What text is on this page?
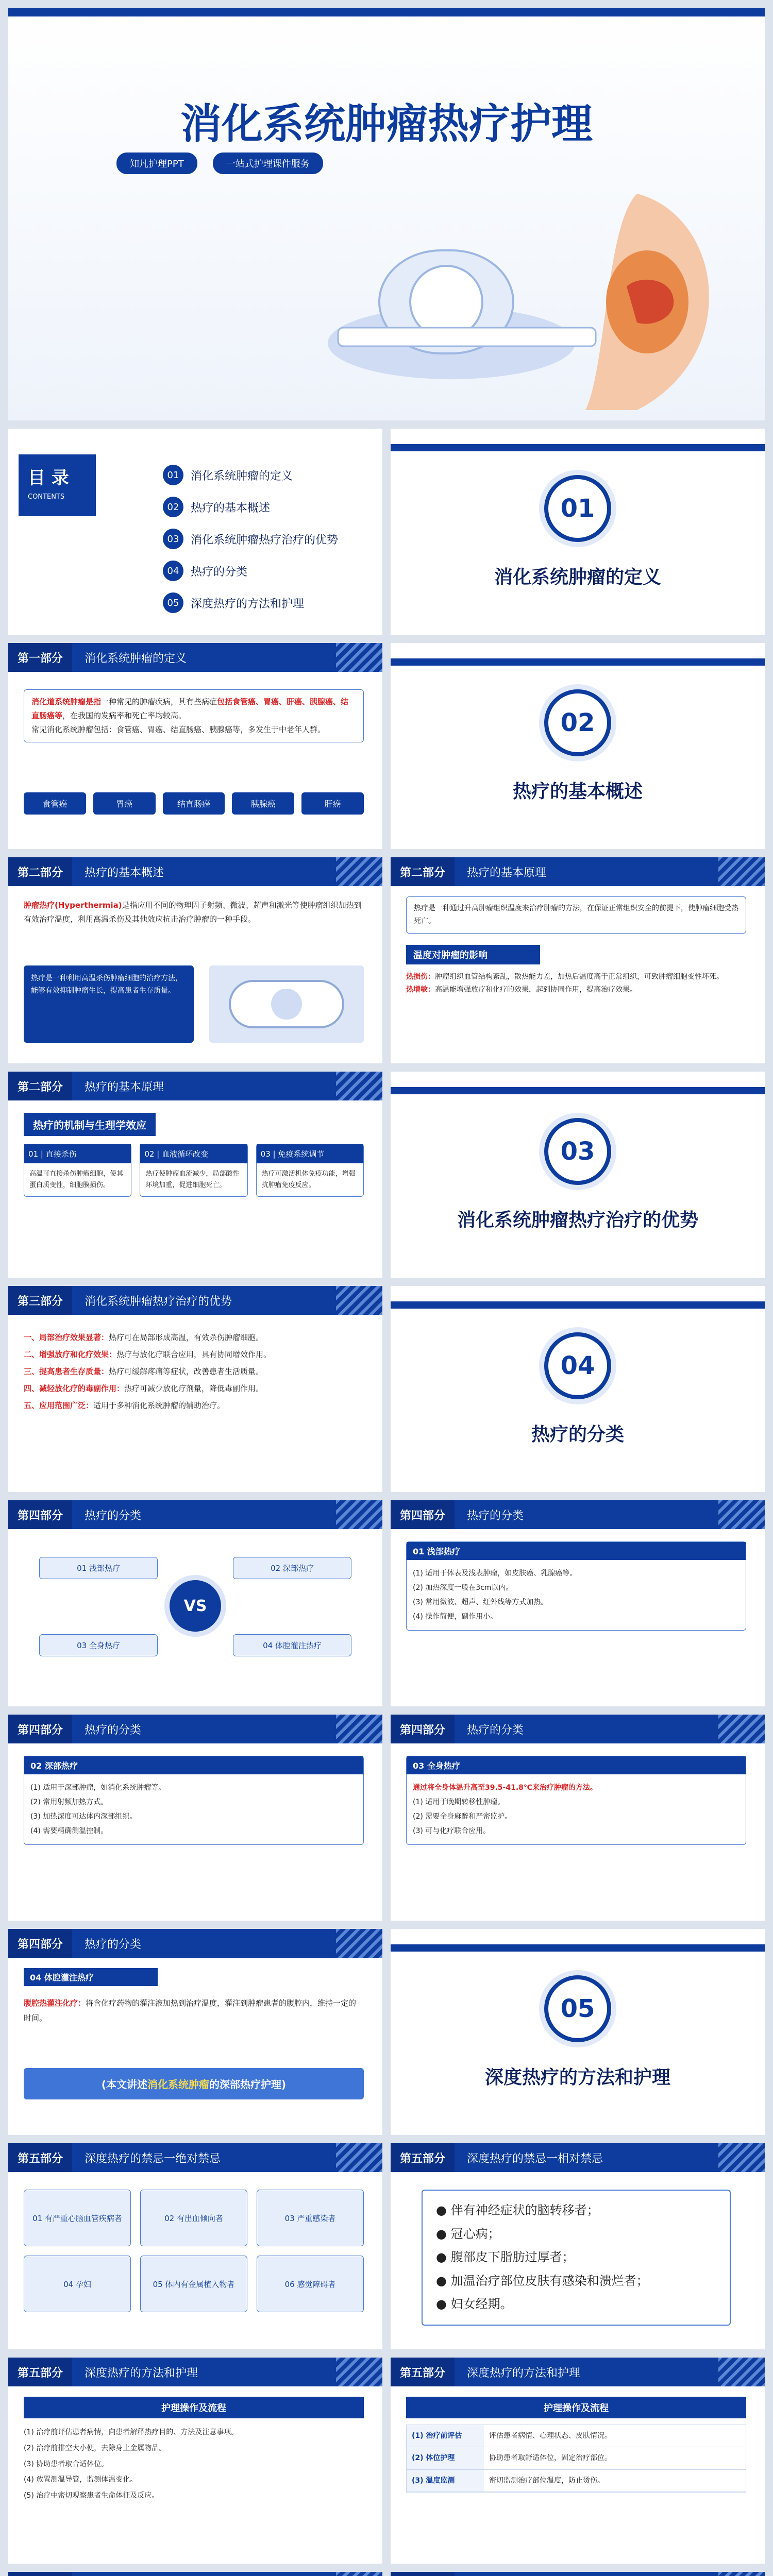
消化系统肿瘤热疗护理
知凡护理PPT	一站式护理课件服务
目 录
CONTENTS
01	消化系统肿瘤的定义
02	热疗的基本概述
03	消化系统肿瘤热疗治疗的优势
04	热疗的分类
05	深度热疗的方法和护理
01
消化系统肿瘤的定义
第一部分	消化系统肿瘤的定义
消化道系统肿瘤是指一种常见的肿瘤疾病，其有些病症包括食管癌、胃癌、肝癌、胰腺癌、结直肠癌等，在我国的发病率和死亡率均较高。
常见消化系统肿瘤包括：食管癌、胃癌、结直肠癌、胰腺癌等，多发生于中老年人群。
食管癌	胃癌	结直肠癌	胰腺癌	肝癌
02
热疗的基本概述
第二部分	热疗的基本概述
肿瘤热疗(Hyperthermia)是指应用不同的物理因子射频、微波、超声和激光等使肿瘤组织加热到有效治疗温度，利用高温杀伤及其他效应抗击治疗肿瘤的一种手段。
热疗是一种利用高温杀伤肿瘤细胞的治疗方法，能够有效抑制肿瘤生长，提高患者生存质量。
第二部分	热疗的基本原理
热疗是一种通过升高肿瘤组织温度来治疗肿瘤的方法，在保证正常组织安全的前提下，使肿瘤细胞受热死亡。
温度对肿瘤的影响
热损伤：肿瘤组织血管结构紊乱，散热能力差，加热后温度高于正常组织，可致肿瘤细胞变性坏死。
热增敏：高温能增强放疗和化疗的效果，起到协同作用，提高治疗效果。
第二部分	热疗的基本原理
热疗的机制与生理学效应
01 | 直接杀伤
高温可直接杀伤肿瘤细胞，使其蛋白质变性，细胞膜损伤。
02 | 血液循环改变
热疗使肿瘤血流减少，局部酸性环境加重，促进细胞死亡。
03 | 免疫系统调节
热疗可激活机体免疫功能，增强抗肿瘤免疫反应。
03
消化系统肿瘤热疗治疗的优势
第三部分	消化系统肿瘤热疗治疗的优势
一、局部治疗效果显著：热疗可在局部形成高温，有效杀伤肿瘤细胞。
二、增强放疗和化疗效果：热疗与放化疗联合应用，具有协同增效作用。
三、提高患者生存质量：热疗可缓解疼痛等症状，改善患者生活质量。
四、减轻放化疗的毒副作用：热疗可减少放化疗剂量，降低毒副作用。
五、应用范围广泛：适用于多种消化系统肿瘤的辅助治疗。
04
热疗的分类
第四部分	热疗的分类
01 浅部热疗	02 深部热疗
03 全身热疗	04 体腔灌注热疗
VS
第四部分	热疗的分类
01 浅部热疗
(1) 适用于体表及浅表肿瘤，如皮肤癌、乳腺癌等。
(2) 加热深度一般在3cm以内。
(3) 常用微波、超声、红外线等方式加热。
(4) 操作简便，副作用小。
第四部分	热疗的分类
02 深部热疗
(1) 适用于深部肿瘤，如消化系统肿瘤等。
(2) 常用射频加热方式。
(3) 加热深度可达体内深部组织。
(4) 需要精确测温控制。
第四部分	热疗的分类
03 全身热疗
通过将全身体温升高至39.5-41.8℃来治疗肿瘤的方法。
(1) 适用于晚期转移性肿瘤。
(2) 需要全身麻醉和严密监护。
(3) 可与化疗联合应用。
第四部分	热疗的分类
04 体腔灌注热疗
腹腔热灌注化疗：将含化疗药物的灌注液加热到治疗温度，灌注到肿瘤患者的腹腔内，维持一定的时间。
(本文讲述消化系统肿瘤的深部热疗护理)
05
深度热疗的方法和护理
第五部分	深度热疗的禁忌一绝对禁忌
01 有严重心脑血管疾病者	02 有出血倾向者	03 严重感染者
04 孕妇	05 体内有金属植入物者	06 感觉障碍者
第五部分	深度热疗的禁忌一相对禁忌
● 伴有神经症状的脑转移者；
● 冠心病；
● 腹部皮下脂肪过厚者；
● 加温治疗部位皮肤有感染和溃烂者；
● 妇女经期。
第五部分	深度热疗的方法和护理
护理操作及流程
(1) 治疗前评估患者病情，向患者解释热疗目的、方法及注意事项。
(2) 治疗前排空大小便，去除身上金属物品。
(3) 协助患者取合适体位。
(4) 放置测温导管，监测体温变化。
(5) 治疗中密切观察患者生命体征及反应。
第五部分	深度热疗的方法和护理
护理操作及流程
(1) 治疗前评估	评估患者病情、心理状态、皮肤情况。
(2) 体位护理	协助患者取舒适体位，固定治疗部位。
(3) 温度监测	密切监测治疗部位温度，防止烫伤。
